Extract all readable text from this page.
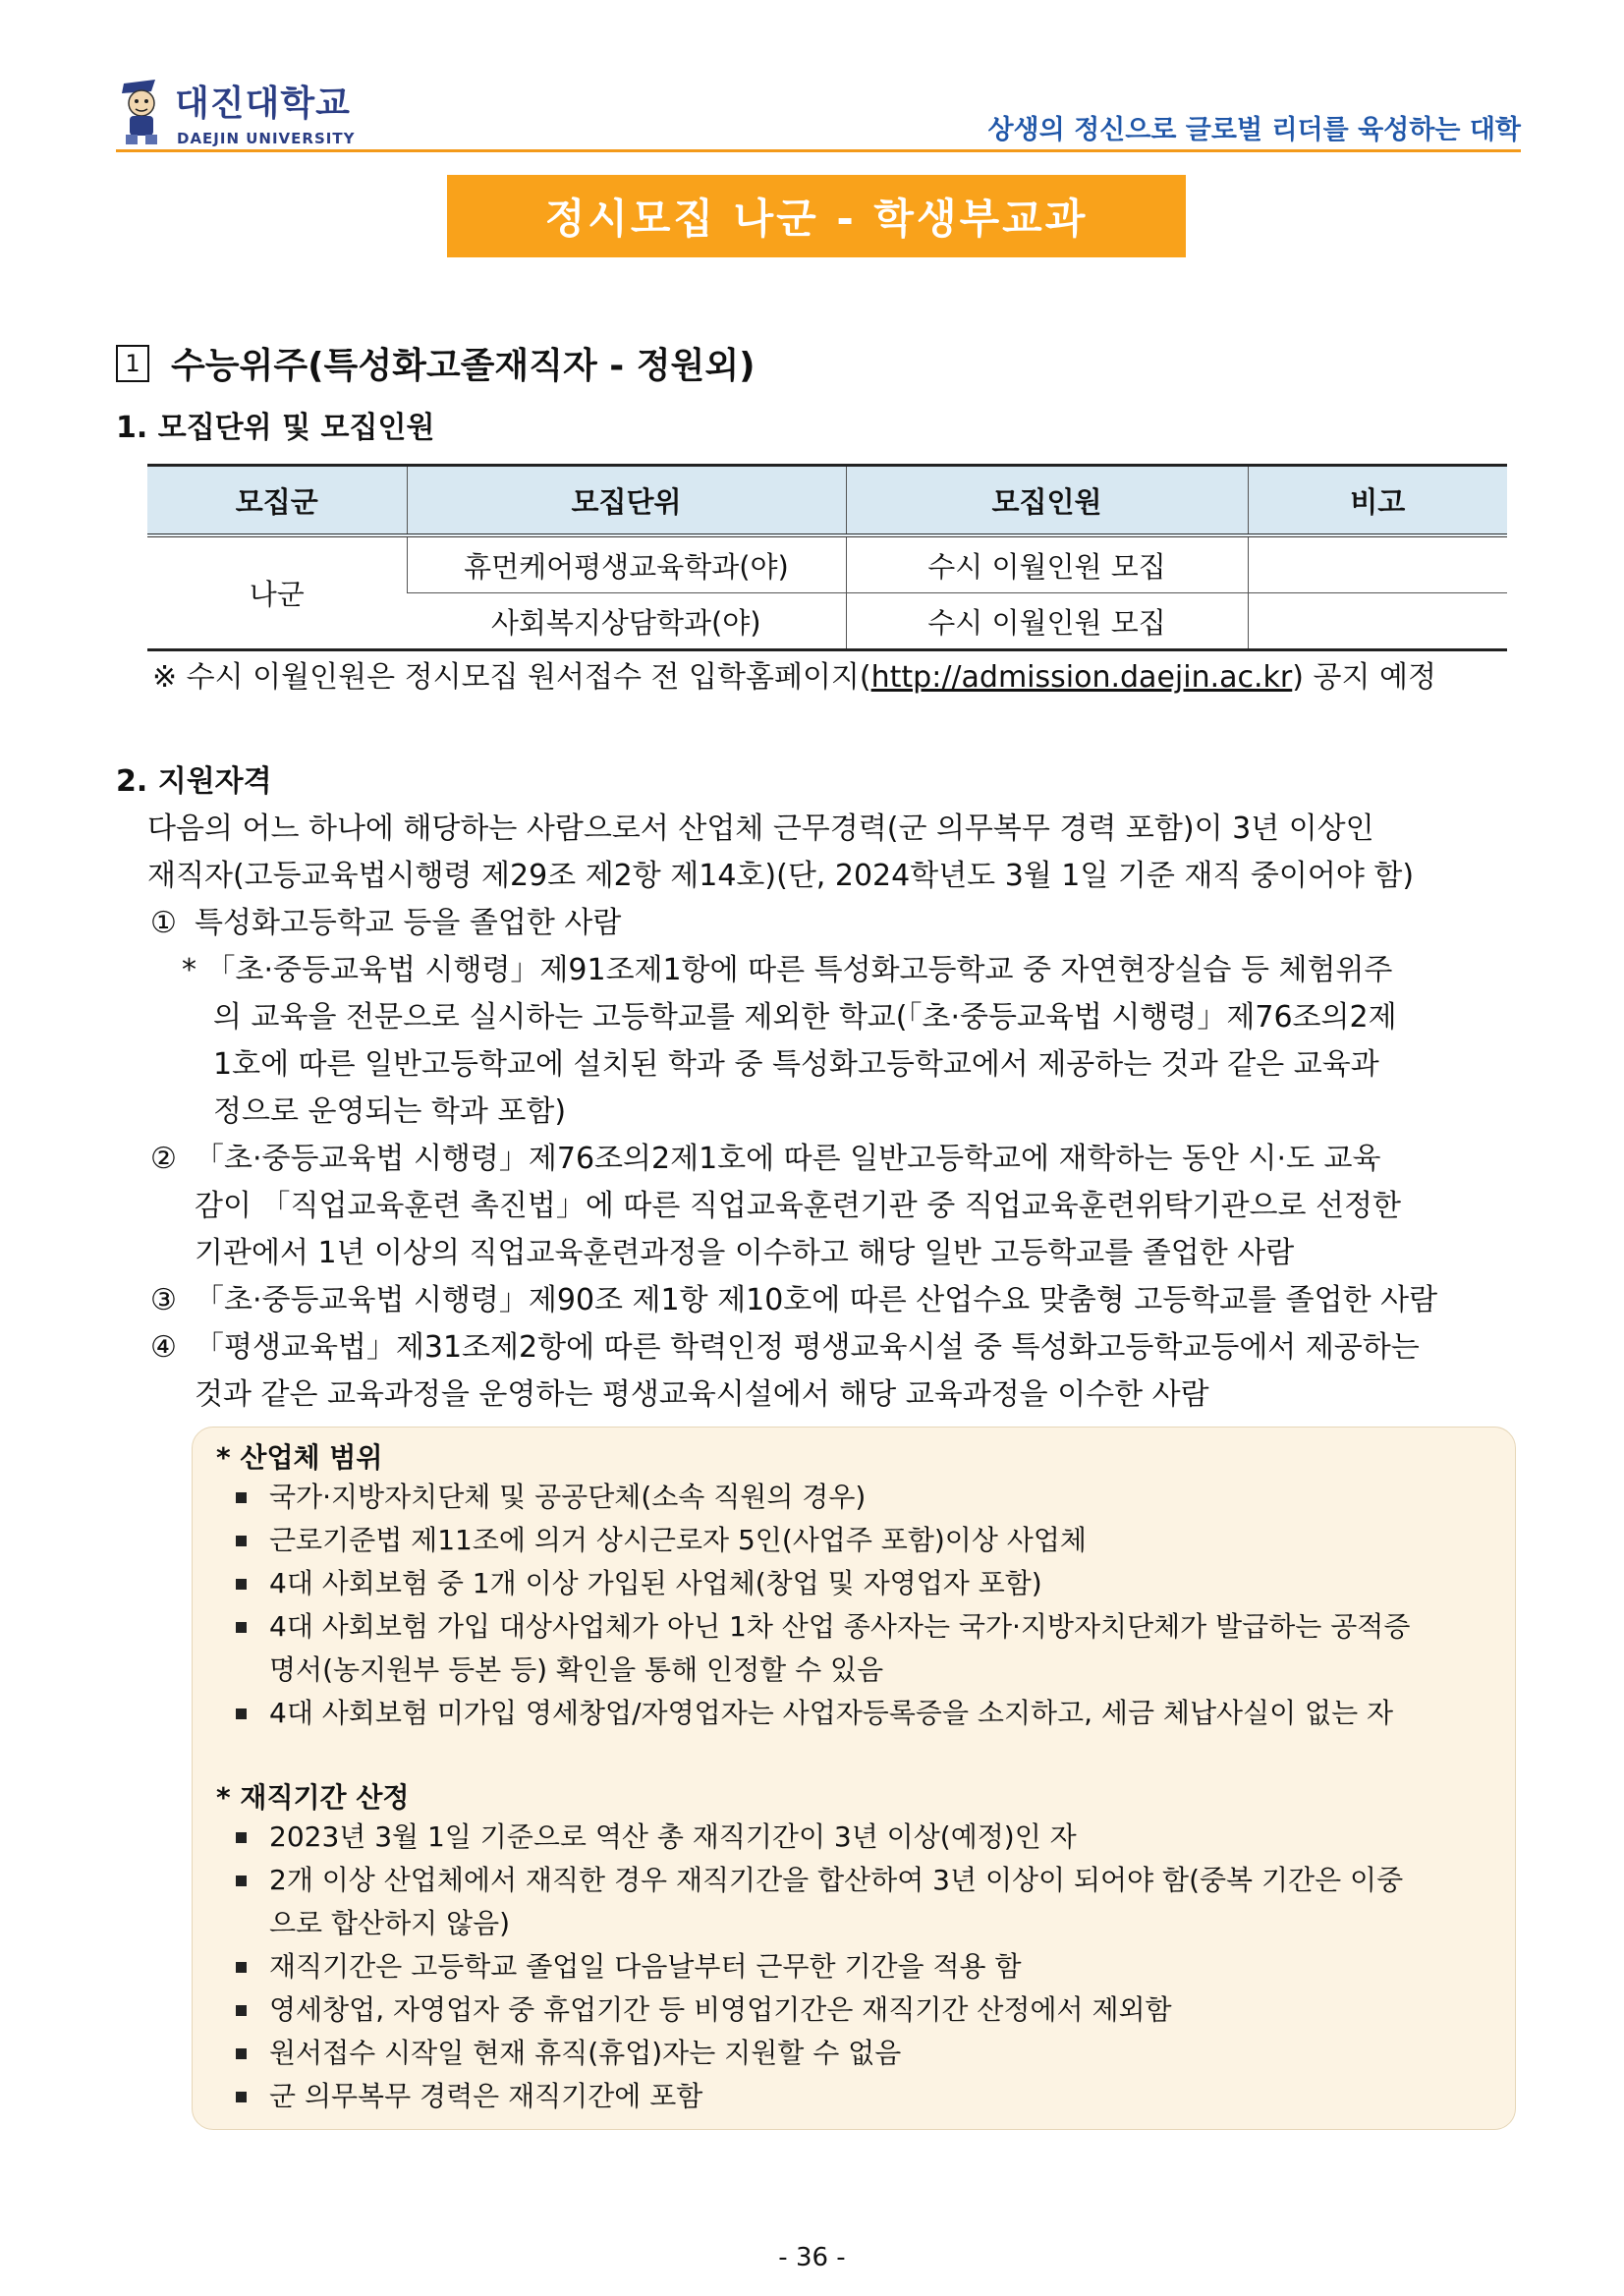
대진대학교
DAEJIN UNIVERSITY	상생의 정신으로 글로벌 리더를 육성하는 대학
정시모집 나군 - 학생부교과
1 수능위주(특성화고졸재직자 - 정원외)
1. 모집단위 및 모집인원
모집군	모집단위	모집인원	비고
나군	휴먼케어평생교육학과(야)	수시 이월인원 모집	
	사회복지상담학과(야)	수시 이월인원 모집	
※ 수시 이월인원은 정시모집 원서접수 전 입학홈페이지(http://admission.daejin.ac.kr) 공지 예정
2. 지원자격
다음의 어느 하나에 해당하는 사람으로서 산업체 근무경력(군 의무복무 경력 포함)이 3년 이상인
재직자(고등교육법시행령 제29조 제2항 제14호)(단, 2024학년도 3월 1일 기준 재직 중이어야 함)
① 특성화고등학교 등을 졸업한 사람
* 「초·중등교육법 시행령」제91조제1항에 따른 특성화고등학교 중 자연현장실습 등 체험위주
의 교육을 전문으로 실시하는 고등학교를 제외한 학교(「초·중등교육법 시행령」제76조의2제
1호에 따른 일반고등학교에 설치된 학과 중 특성화고등학교에서 제공하는 것과 같은 교육과
정으로 운영되는 학과 포함)
② 「초·중등교육법 시행령」제76조의2제1호에 따른 일반고등학교에 재학하는 동안 시·도 교육
감이 「직업교육훈련 촉진법」에 따른 직업교육훈련기관 중 직업교육훈련위탁기관으로 선정한
기관에서 1년 이상의 직업교육훈련과정을 이수하고 해당 일반 고등학교를 졸업한 사람
③ 「초·중등교육법 시행령」제90조 제1항 제10호에 따른 산업수요 맞춤형 고등학교를 졸업한 사람
④ 「평생교육법」제31조제2항에 따른 학력인정 평생교육시설 중 특성화고등학교등에서 제공하는
것과 같은 교육과정을 운영하는 평생교육시설에서 해당 교육과정을 이수한 사람
* 산업체 범위
국가·지방자치단체 및 공공단체(소속 직원의 경우)
근로기준법 제11조에 의거 상시근로자 5인(사업주 포함)이상 사업체
4대 사회보험 중 1개 이상 가입된 사업체(창업 및 자영업자 포함)
4대 사회보험 가입 대상사업체가 아닌 1차 산업 종사자는 국가·지방자치단체가 발급하는 공적증
명서(농지원부 등본 등) 확인을 통해 인정할 수 있음
4대 사회보험 미가입 영세창업/자영업자는 사업자등록증을 소지하고, 세금 체납사실이 없는 자
* 재직기간 산정
2023년 3월 1일 기준으로 역산 총 재직기간이 3년 이상(예정)인 자
2개 이상 산업체에서 재직한 경우 재직기간을 합산하여 3년 이상이 되어야 함(중복 기간은 이중
으로 합산하지 않음)
재직기간은 고등학교 졸업일 다음날부터 근무한 기간을 적용 함
영세창업, 자영업자 중 휴업기간 등 비영업기간은 재직기간 산정에서 제외함
원서접수 시작일 현재 휴직(휴업)자는 지원할 수 없음
군 의무복무 경력은 재직기간에 포함
- 36 -
